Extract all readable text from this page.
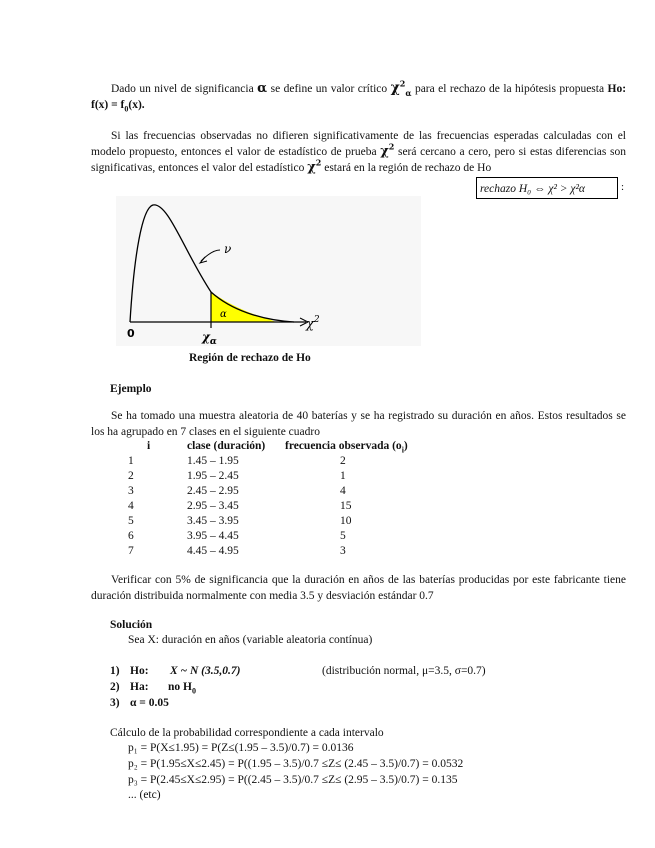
Dado un nivel de significancia α se define un valor crítico $\chi^2_\alpha$ para el rechazo de la hipótesis propuesta Ho: $f(x) = f_0(x)$.
Si las frecuencias observadas no difieren significativamente de las frecuencias esperadas calculadas con el modelo propuesto, entonces el valor de estadístico de prueba $\chi^2$ será cercano a cero, pero si estas diferencias son significativas, entonces el valor del estadístico $\chi^2$ estará en la región de rechazo de Ho
rechazo H₀ ⇔ χ² > χ²α	:
ν
α
0	$\chi_\alpha$
$\chi^2$
Región de rechazo de Ho
Ejemplo
Se ha tomado una muestra aleatoria de 40 baterías y se ha registrado su duración en años. Estos resultados se los ha agrupado en 7 clases en el siguiente cuadro
i	clase (duración)	frecuencia observada $(o_i)$
1	1.45 – 1.95	2
2	1.95 – 2.45	1
3	2.45 – 2.95	4
4	2.95 – 3.45	15
5	3.45 – 3.95	10
6	3.95 – 4.45	5
7	4.45 – 4.95	3
Verificar con 5% de significancia que la duración en años de las baterías producidas por este fabricante tiene duración distribuida normalmente con media 3.5 y desviación estándar 0.7
Solución
Sea X: duración en años (variable aleatoria contínua)
1) Ho: X ~ N (3.5,0.7)	(distribución normal, μ=3.5, σ=0.7)
2) Ha: no $H_0$
3) α = 0.05
Cálculo de la probabilidad correspondiente a cada intervalo
p₁ = P(X≤1.95) = P(Z≤(1.95 – 3.5)/0.7) = 0.0136
p₂ = P(1.95≤X≤2.45) = P((1.95 – 3.5)/0.7 ≤Z≤ (2.45 – 3.5)/0.7) = 0.0532
p₃ = P(2.45≤X≤2.95) = P((2.45 – 3.5)/0.7 ≤Z≤ (2.95 – 3.5)/0.7) = 0.135
... (etc)
